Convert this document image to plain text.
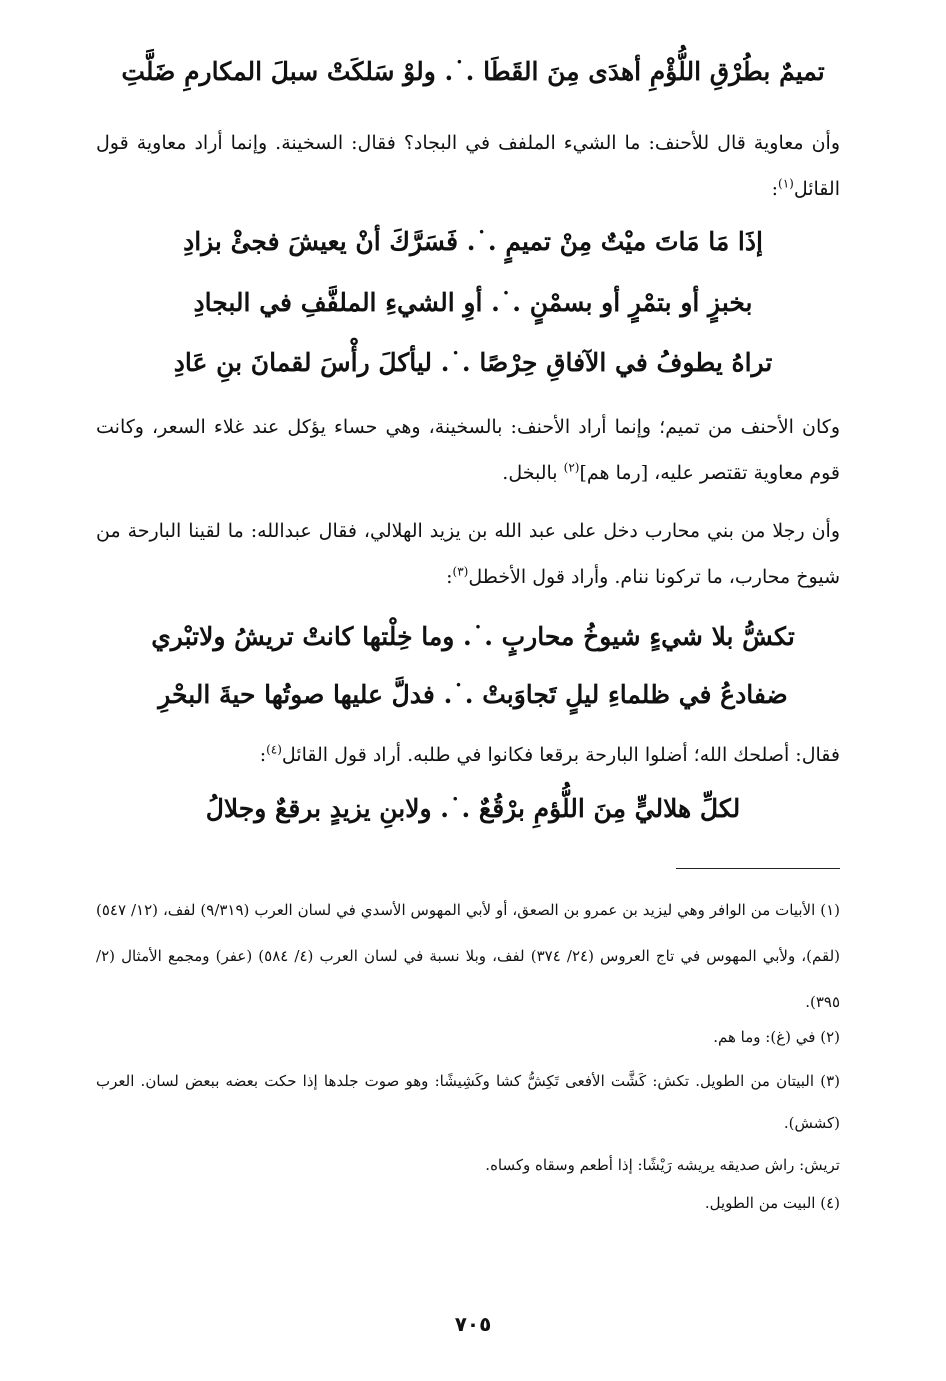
تميمٌ بطُرْقِ اللُّؤْمِ أهدَى مِنَ القَطَا .˙. ولوْ سَلكَتْ سبلَ المكارمِ ضَلَّتِ
وأن معاوية قال للأحنف: ما الشيء الملفف في البجاد؟ فقال: السخينة. وإنما أراد معاوية قول القائل$^{(١)}$:
إذَا مَا مَاتَ ميْتٌ مِنْ تميمٍ .˙. فَسَرَّكَ أنْ يعيشَ فجئْ بزادِ
بخبزٍ أو بتمْرٍ أو بسمْنٍ .˙. أوِ الشيءِ الملفَّفِ في البجادِ
تراهُ يطوفُ في الآفاقِ حِرْصًا .˙. ليأكلَ رأْسَ لقمانَ بنِ عَادِ
وكان الأحنف من تميم؛ وإنما أراد الأحنف: بالسخينة، وهي حساء يؤكل عند غلاء السعر، وكانت قوم معاوية تقتصر عليه، [رما هم]$^{(٢)}$ بالبخل.
وأن رجلا من بني محارب دخل على عبد الله بن يزيد الهلالي، فقال عبدالله: ما لقينا البارحة من شيوخ محارب، ما تركونا ننام. وأراد قول الأخطل$^{(٣)}$:
تكشُّ بلا شيءٍ شيوخُ محاربٍ .˙. وما خِلْتها كانتْ تريشُ ولاتبْري
ضفادعُ في ظلماءِ ليلٍ تَجاوَبتْ .˙. فدلَّ عليها صوتُها حيةَ البحْرِ
فقال: أصلحك الله؛ أضلوا البارحة برقعا فكانوا في طلبه. أراد قول القائل$^{(٤)}$:
لكلِّ هلاليٍّ مِنَ اللُّؤمِ برْقُعٌ .˙. ولابنِ يزيدٍ برقعٌ وجلالُ
(١) الأبيات من الوافر وهي ليزيد بن عمرو بن الصعق، أو لأبي المهوس الأسدي في لسان العرب (٩/٣١٩) لفف، (١٢/ ٥٤٧) (لقم)، ولأبي المهوس في تاج العروس (٢٤/ ٣٧٤) لفف، وبلا نسبة في لسان العرب (٤/ ٥٨٤) (عفر) ومجمع الأمثال (٢/ ٣٩٥).
(٢) في (غ): وما هم.
(٣) البيتان من الطويل. تكش: كَشَّت الأفعى تَكِشُّ كشا وكَشِيشًا: وهو صوت جلدها إذا حكت بعضه ببعض لسان. العرب (كشش).
تريش: راش صديقه يريشه رَيْشًا: إذا أطعم وسقاه وكساه.
(٤) البيت من الطويل.
٧٠٥
